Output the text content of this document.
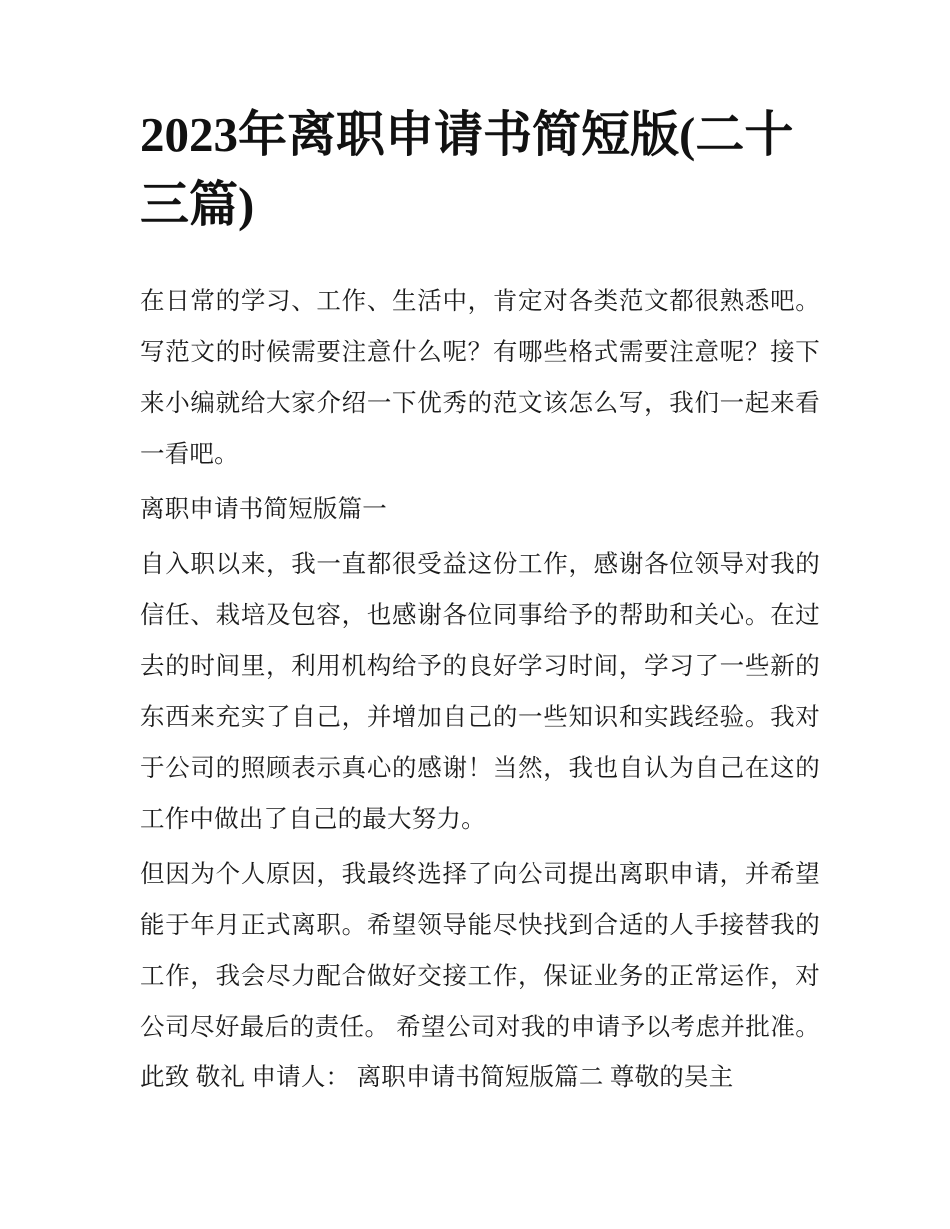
2023年离职申请书简短版(二十三篇)

在日常的学习、工作、生活中，肯定对各类范文都很熟悉吧。写范文的时候需要注意什么呢？有哪些格式需要注意呢？接下来小编就给大家介绍一下优秀的范文该怎么写，我们一起来看一看吧。

离职申请书简短版篇一

自入职以来，我一直都很受益这份工作，感谢各位领导对我的信任、栽培及包容，也感谢各位同事给予的帮助和关心。在过去的时间里，利用机构给予的良好学习时间，学习了一些新的东西来充实了自己，并增加自己的一些知识和实践经验。我对于公司的照顾表示真心的感谢！当然，我也自认为自己在这的工作中做出了自己的最大努力。

但因为个人原因，我最终选择了向公司提出离职申请，并希望能于年月正式离职。希望领导能尽快找到合适的人手接替我的工作，我会尽力配合做好交接工作，保证业务的正常运作，对公司尽好最后的责任。 希望公司对我的申请予以考虑并批准。 此致 敬礼 申请人： 离职申请书简短版篇二 尊敬的吴主
